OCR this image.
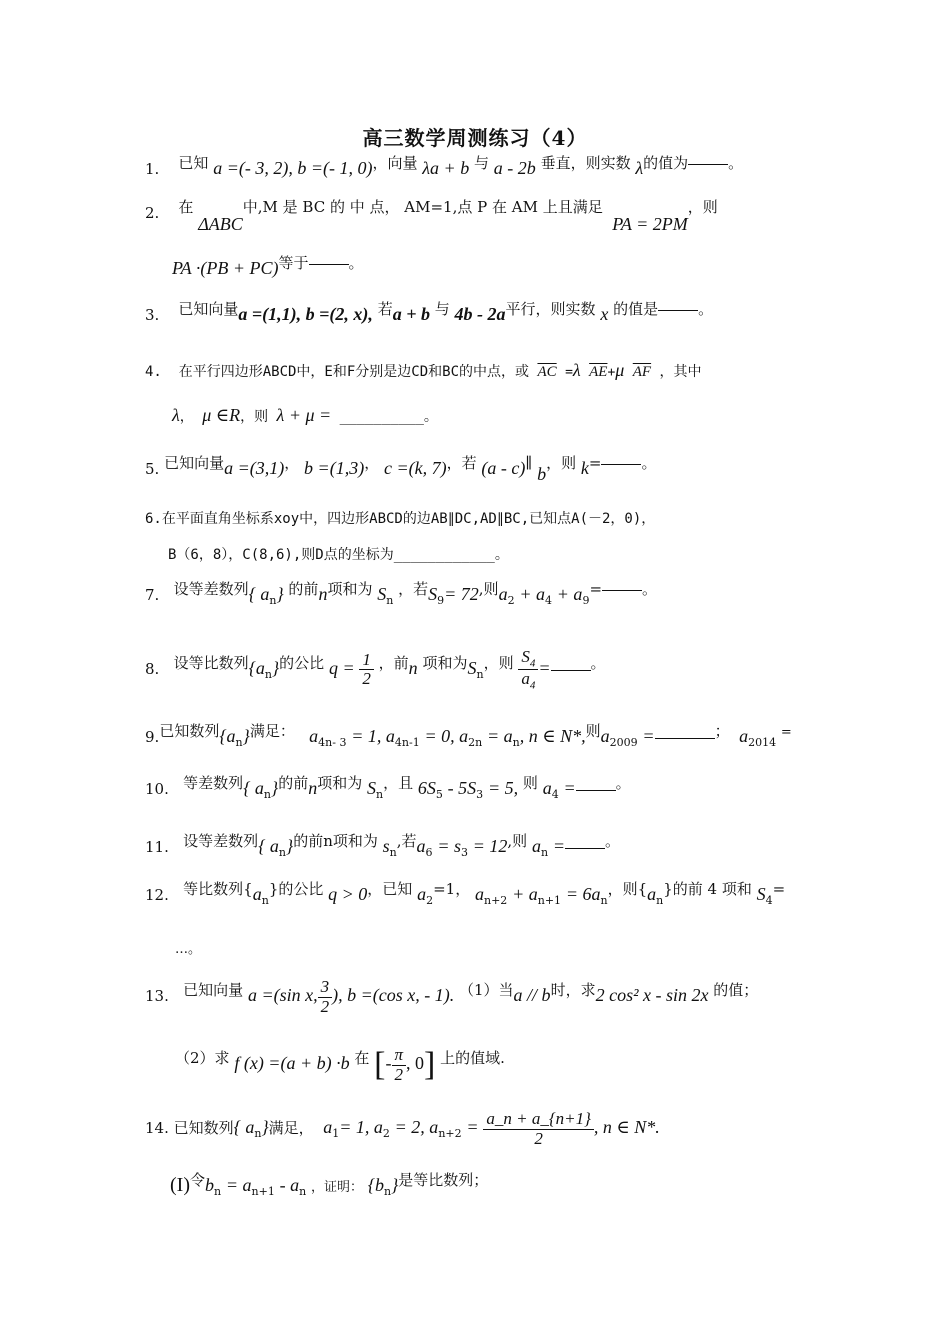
高三数学周测练习（4）
1. 已知 a =(- 3, 2), b =(- 1, 0)，向量 λa + b 与 a - 2b 垂直，则实数 λ的值为	。
2. 在 ΔABC中,M 是 BC 的 中 点， AM=1,点 P 在 AM 上且满足  PA = 2PM，则
PA ·(PB + PC)等于	。
3. 已知向量a =(1,1), b =(2, x), 若a + b 与 4b - 2a平行，则实数 x 的值是	。
4. 在平行四边形ABCD中，E和F分别是边CD和BC的中点，或 $\overline{AC} =\lambda$ $\overline{AE}+\mu$ $\overline{AF}$ ，其中
λ， μ ∈R，则 λ + μ = __________。
5. 已知向量a =(3,1)， b =(1,3)， c =(k, 7)，若 (a - c)∥ b，则 k=	。
6.在平面直角坐标系xoy中，四边形ABCD的边AB∥DC,AD∥BC,已知点A(－2，0)，
B（6，8），C(8,6),则D点的坐标为____________。
7. 设等差数列{ $a_n$} 的前n项和为 $S_n$ ，若$S_9= 72$,则$a_2 + a_4 + a_9=$	。
8. 设等比数列$\{a_n\}$的公比 $q = \frac{1}{2}$ ，前n 项和为$S_n$，则 $\frac{S_4}{a_4}$ =	。
9.已知数列$\{a_n\}$满足： $a_{4n- 3} = 1$, $a_{4n-1} = 0$, $a_{2n} = a_n$, n ∈ N*,则$a_{2009}$ =	； $a_{2014}$ =
10. 等差数列{ $a_n$}的前n项和为 $S_n$，且 $6S_5 - 5S_3 = 5$, 则 $a_4$ =	。
11. 设等差数列{ $a_n$}的前n项和为 $s_n$,若$a_6 = s_3 = 12$,则 $a_n$ =	。
12. 等比数列$\{a_n\}$的公比 q > 0，已知 $a_2=1$， $a_{n+2} + a_{n+1} = 6a_n$，则$\{a_n\}$的前 4 项和 $S_4=$
…。
13. 已知向量 a =(sin x, $\frac{3}{2}$ ), b =(cos x, - 1). （1）当a // b时，求2 cos² x - sin 2x 的值；
（2）求 f (x) =(a + b) ·b 在 [- $\frac{\pi}{2}$ , 0] 上的值域.
14. 已知数列{ $a_n$}满足， $a_1= 1$, $a_2 = 2$, $a_{n+2} = \frac{a\_n + a\_\{n+1\}}{2}$ , n ∈ N*.
(I)令$b_n = a_{n+1} - a_n$ ，证明： $\{b_n\}$是等比数列；
